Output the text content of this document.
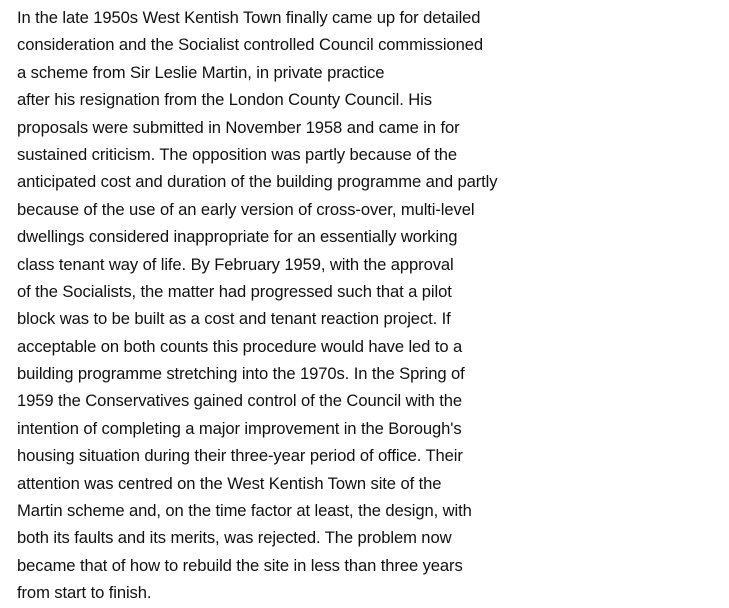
In the late 1950s West Kentish Town finally came up for detailed
consideration and the Socialist controlled Council commissioned
a scheme from Sir Leslie Martin, in private practice
after his resignation from the London County Council. His
proposals were submitted in November 1958 and came in for
sustained criticism. The opposition was partly because of the
anticipated cost and duration of the building programme and partly
because of the use of an early version of cross-over, multi-level
dwellings considered inappropriate for an essentially working
class tenant way of life. By February 1959, with the approval
of the Socialists, the matter had progressed such that a pilot
block was to be built as a cost and tenant reaction project. If
acceptable on both counts this procedure would have led to a
building programme stretching into the 1970s. In the Spring of
1959 the Conservatives gained control of the Council with the
intention of completing a major improvement in the Borough's
housing situation during their three-year period of office. Their
attention was centred on the West Kentish Town site of the
Martin scheme and, on the time factor at least, the design, with
both its faults and its merits, was rejected. The problem now
became that of how to rebuild the site in less than three years
from start to finish.
